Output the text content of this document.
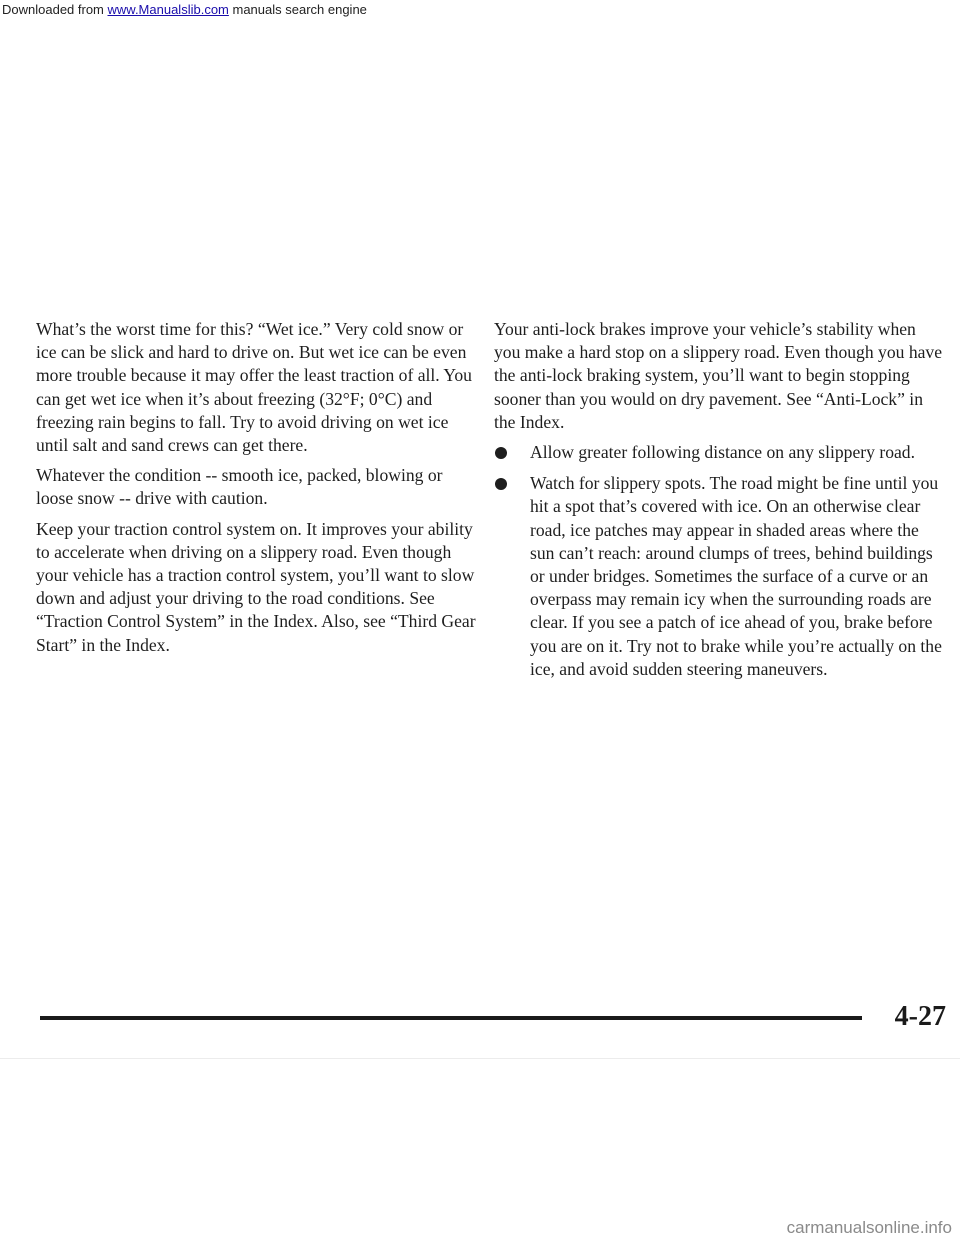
Downloaded from www.Manualslib.com manuals search engine

What’s the worst time for this? “Wet ice.” Very cold snow or ice can be slick and hard to drive on. But wet ice can be even more trouble because it may offer the least traction of all. You can get wet ice when it’s about freezing (32°F; 0°C) and freezing rain begins to fall. Try to avoid driving on wet ice until salt and sand crews can get there.

Whatever the condition -- smooth ice, packed, blowing or loose snow -- drive with caution.

Keep your traction control system on. It improves your ability to accelerate when driving on a slippery road. Even though your vehicle has a traction control system, you’ll want to slow down and adjust your driving to the road conditions. See “Traction Control System” in the Index. Also, see “Third Gear Start” in the Index.

Your anti-lock brakes improve your vehicle’s stability when you make a hard stop on a slippery road. Even though you have the anti-lock braking system, you’ll want to begin stopping sooner than you would on dry pavement. See “Anti-Lock” in the Index.

Allow greater following distance on any slippery road.
Watch for slippery spots. The road might be fine until you hit a spot that’s covered with ice. On an otherwise clear road, ice patches may appear in shaded areas where the sun can’t reach: around clumps of trees, behind buildings or under bridges. Sometimes the surface of a curve or an overpass may remain icy when the surrounding roads are clear. If you see a patch of ice ahead of you, brake before you are on it. Try not to brake while you’re actually on the ice, and avoid sudden steering maneuvers.
4-27
carmanualsonline.info
